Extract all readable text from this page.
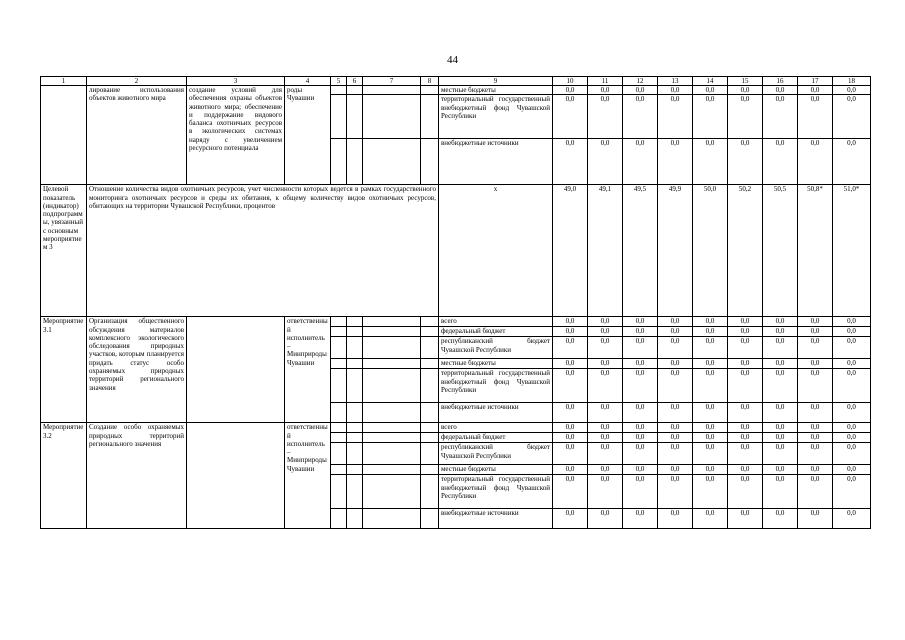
44
1	2	3	4	5	6	7	8	9	10	11	12	13	14	15	16	17	18
	лирование использования объектов животного мира	создание условий для обеспечения охраны объектов животного мира; обеспечение и поддержание видового баланса охотничьих ресурсов в экологических системах наряду с увеличением ресурсного потенциала	роды Чувашии					местные бюджеты	0,0	0,0	0,0	0,0	0,0	0,0	0,0	0,0	0,0
								территориальный государственный внебюджетный фонд Чувашской Республики	0,0	0,0	0,0	0,0	0,0	0,0	0,0	0,0	0,0
								внебюджетные источники	0,0	0,0	0,0	0,0	0,0	0,0	0,0	0,0	0,0
Целевой показатель (индикатор) подпрограммы, увязанный с основным мероприятием 3	Отношение количества видов охотничьих ресурсов, учет численности которых ведется в рамках государственного мониторинга охотничьих ресурсов и среды их обитания, к общему количеству видов охотничьих ресурсов, обитающих на территории Чувашской Республики, процентов							x	49,0	49,1	49,5	49,9	50,0	50,2	50,5	50,8*	51,0*
Мероприятие 3.1	Организация общественного обсуждения материалов комплексного экологического обследования природных участков, которым планируется придать статус особо охраняемых природных территорий регионального значения		ответственный исполнитель – Минприроды Чувашии					всего	0,0	0,0	0,0	0,0	0,0	0,0	0,0	0,0	0,0
								федеральный бюджет	0,0	0,0	0,0	0,0	0,0	0,0	0,0	0,0	0,0
								республиканский бюджет Чувашской Республики	0,0	0,0	0,0	0,0	0,0	0,0	0,0	0,0	0,0
								местные бюджеты	0,0	0,0	0,0	0,0	0,0	0,0	0,0	0,0	0,0
								территориальный государственный внебюджетный фонд Чувашской Республики	0,0	0,0	0,0	0,0	0,0	0,0	0,0	0,0	0,0
								внебюджетные источники	0,0	0,0	0,0	0,0	0,0	0,0	0,0	0,0	0,0
Мероприятие 3.2	Создание особо охраняемых природных территорий регионального значения		ответственный исполнитель – Минприроды Чувашии					всего	0,0	0,0	0,0	0,0	0,0	0,0	0,0	0,0	0,0
								федеральный бюджет	0,0	0,0	0,0	0,0	0,0	0,0	0,0	0,0	0,0
								республиканский бюджет Чувашской Республики	0,0	0,0	0,0	0,0	0,0	0,0	0,0	0,0	0,0
								местные бюджеты	0,0	0,0	0,0	0,0	0,0	0,0	0,0	0,0	0,0
								территориальный государственный внебюджетный фонд Чувашской Республики	0,0	0,0	0,0	0,0	0,0	0,0	0,0	0,0	0,0
								внебюджетные источники	0,0	0,0	0,0	0,0	0,0	0,0	0,0	0,0	0,0
